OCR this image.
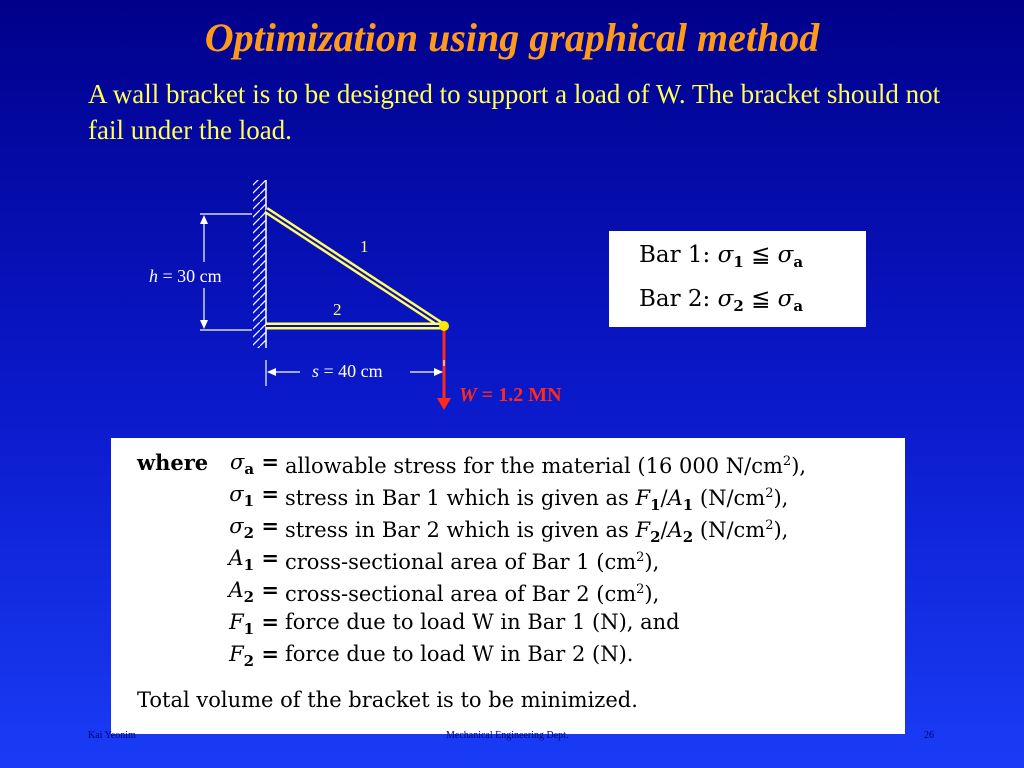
Optimization using graphical method
A wall bracket is to be designed to support a load of W. The bracket should not fail under the load.
1
2
h = 30 cm
s = 40 cm
W = 1.2 MN
Bar 1: $\sigma_1$ ≦ $\sigma_a$
Bar 2: $\sigma_2$ ≦ $\sigma_a$
where	$\sigma_a$ = allowable stress for the material (16 000 $N/cm^2$),
$\sigma_1$ = stress in Bar 1 which is given as $F_1/A_1$ $(N/cm^2)$,
$\sigma_2$ = stress in Bar 2 which is given as $F_2/A_2$ $(N/cm^2)$,
$A_1$ = cross-sectional area of Bar 1 $(cm^2)$,
$A_2$ = cross-sectional area of Bar 2 $(cm^2)$,
$F_1$ = force due to load W in Bar 1 (N), and
$F_2$ = force due to load W in Bar 2 (N).
Total volume of the bracket is to be minimized.
Kai Yeonim	Mechanical Engineering Dept.	26
